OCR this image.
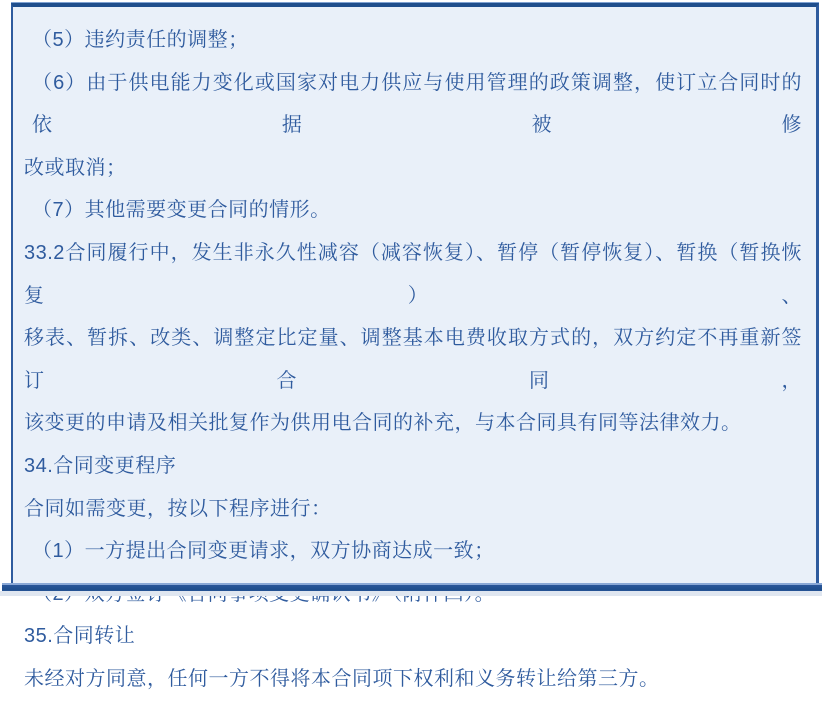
（5）违约责任的调整；
（6）由于供电能力变化或国家对电力供应与使用管理的政策调整，使订立合同时的依据被修
改或取消；
（7）其他需要变更合同的情形。
33.2合同履行中，发生非永久性减容（减容恢复）、暂停（暂停恢复）、暂换（暂换恢复）、
移表、暂拆、改类、调整定比定量、调整基本电费收取方式的，双方约定不再重新签订合同，
该变更的申请及相关批复作为供用电合同的补充，与本合同具有同等法律效力。
34.合同变更程序
合同如需变更，按以下程序进行：
（1）一方提出合同变更请求，双方协商达成一致；
35.合同转让
未经对方同意，任何一方不得将本合同项下权利和义务转让给第三方。
